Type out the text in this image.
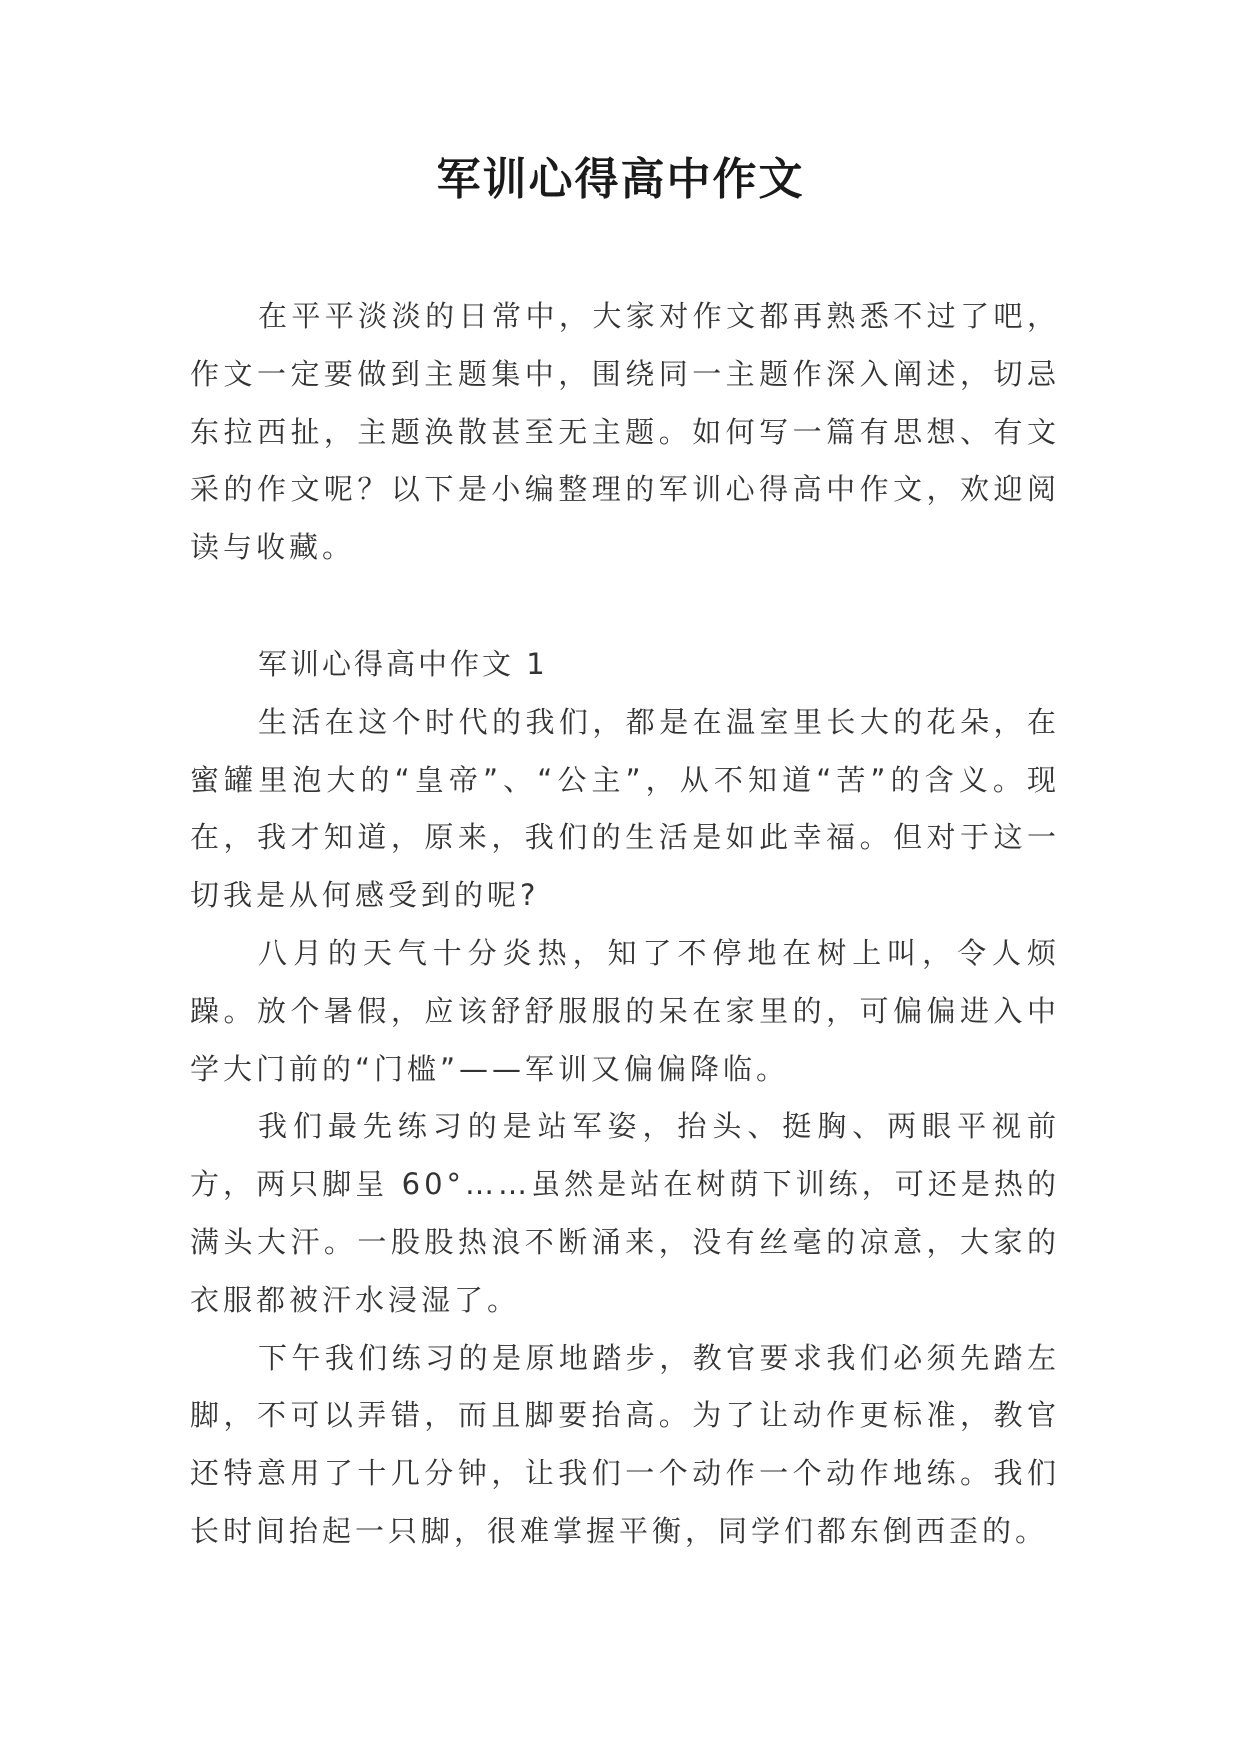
军训心得高中作文

在平平淡淡的日常中，大家对作文都再熟悉不过了吧，作文一定要做到主题集中，围绕同一主题作深入阐述，切忌东拉西扯，主题涣散甚至无主题。如何写一篇有思想、有文采的作文呢？以下是小编整理的军训心得高中作文，欢迎阅读与收藏。

军训心得高中作文 1

生活在这个时代的我们，都是在温室里长大的花朵，在蜜罐里泡大的“皇帝”、“公主”，从不知道“苦”的含义。现在，我才知道，原来，我们的生活是如此幸福。但对于这一切我是从何感受到的呢?

八月的天气十分炎热，知了不停地在树上叫，令人烦躁。放个暑假，应该舒舒服服的呆在家里的，可偏偏进入中学大门前的“门槛”——军训又偏偏降临。

我们最先练习的是站军姿，抬头、挺胸、两眼平视前方，两只脚呈 60°……虽然是站在树荫下训练，可还是热的满头大汗。一股股热浪不断涌来，没有丝毫的凉意，大家的衣服都被汗水浸湿了。

下午我们练习的是原地踏步，教官要求我们必须先踏左脚，不可以弄错，而且脚要抬高。为了让动作更标准，教官还特意用了十几分钟，让我们一个动作一个动作地练。我们长时间抬起一只脚，很难掌握平衡，同学们都东倒西歪的。
